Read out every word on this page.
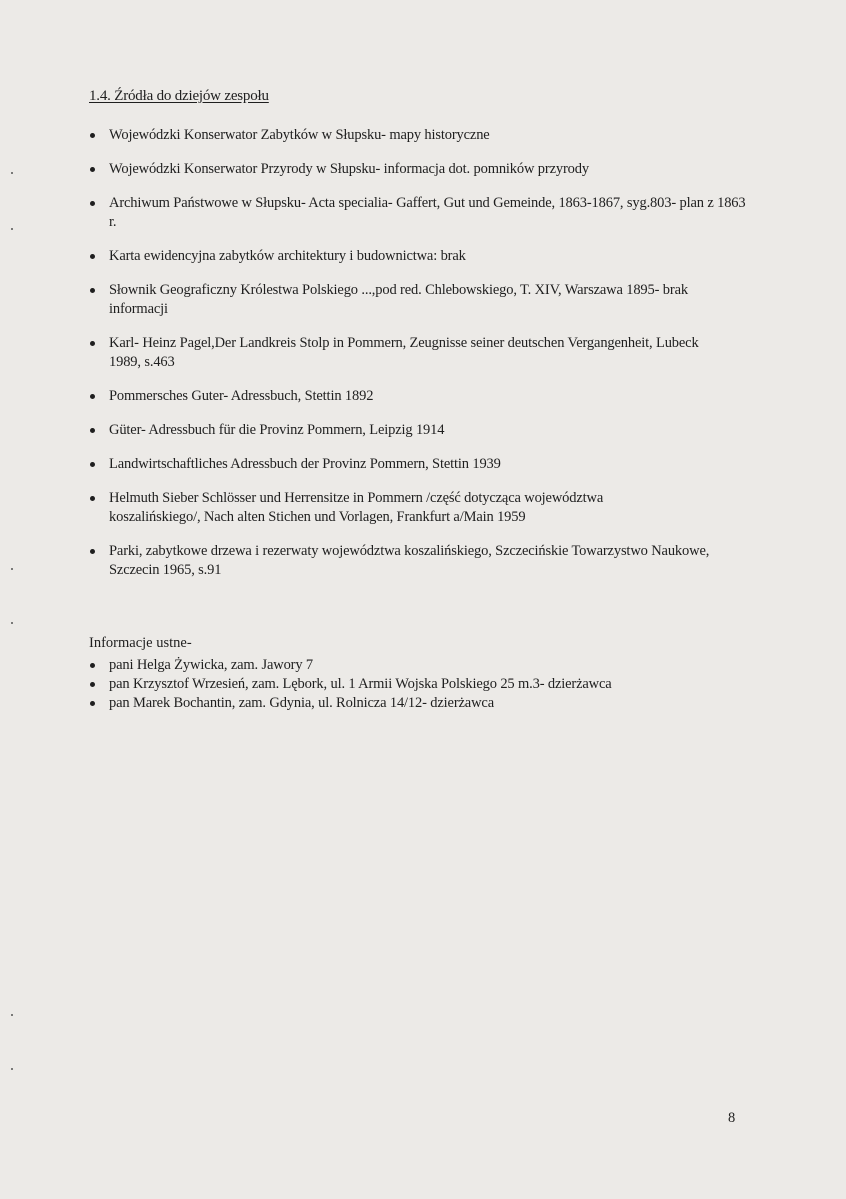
1.4. Źródła do dziejów zespołu
Wojewódzki Konserwator Zabytków w Słupsku- mapy historyczne
Wojewódzki Konserwator Przyrody w Słupsku- informacja dot. pomników przyrody
Archiwum Państwowe w Słupsku- Acta specialia- Gaffert, Gut und Gemeinde, 1863-1867, syg.803- plan z 1863 r.
Karta ewidencyjna zabytków architektury i budownictwa: brak
Słownik Geograficzny Królestwa Polskiego ...,pod red. Chlebowskiego, T. XIV, Warszawa 1895- brak informacji
Karl- Heinz Pagel,Der Landkreis Stolp in Pommern, Zeugnisse seiner deutschen Vergangenheit, Lubeck 1989, s.463
Pommersches Guter- Adressbuch, Stettin 1892
Güter- Adressbuch für die Provinz Pommern, Leipzig 1914
Landwirtschaftliches Adressbuch der Provinz Pommern, Stettin 1939
Helmuth Sieber Schlösser und Herrensitze in Pommern /część dotycząca województwa koszalińskiego/, Nach alten Stichen und Vorlagen, Frankfurt a/Main 1959
Parki, zabytkowe drzewa i rezerwaty województwa koszalińskiego, Szczecińskie Towarzystwo Naukowe, Szczecin 1965, s.91
Informacje ustne-
pani Helga Żywicka, zam. Jawory 7
pan Krzysztof Wrzesień, zam. Lębork, ul. 1 Armii Wojska Polskiego 25 m.3- dzierżawca
pan Marek Bochantin, zam. Gdynia, ul. Rolnicza 14/12- dzierżawca
8
